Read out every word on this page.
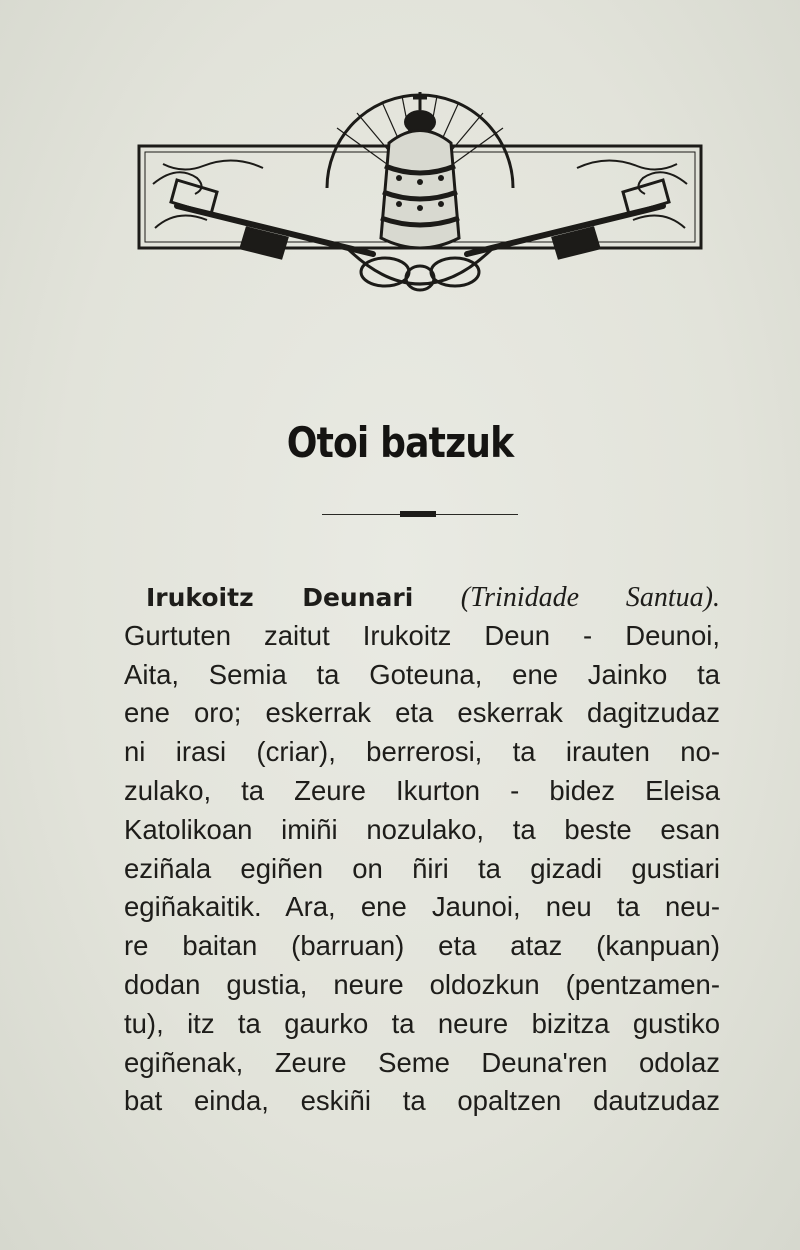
Otoi batzuk
Irukoitz Deunari (Trinidade Santua).
Gurtuten zaitut Irukoitz Deun - Deunoi,
Aita, Semia ta Goteuna, ene Jainko ta
ene oro; eskerrak eta eskerrak dagitzudaz
ni irasi (criar), berrerosi, ta irauten no-
zulako, ta Zeure Ikurton - bidez Eleisa
Katolikoan imiñi nozulako, ta beste esan
eziñala egiñen on ñiri ta gizadi gustiari
egiñakaitik. Ara, ene Jaunoi, neu ta neu-
re baitan (barruan) eta ataz (kanpuan)
dodan gustia, neure oldozkun (pentzamen-
tu), itz ta gaurko ta neure bizitza gustiko
egiñenak, Zeure Seme Deuna'ren odolaz
bat einda, eskiñi ta opaltzen dautzudaz
